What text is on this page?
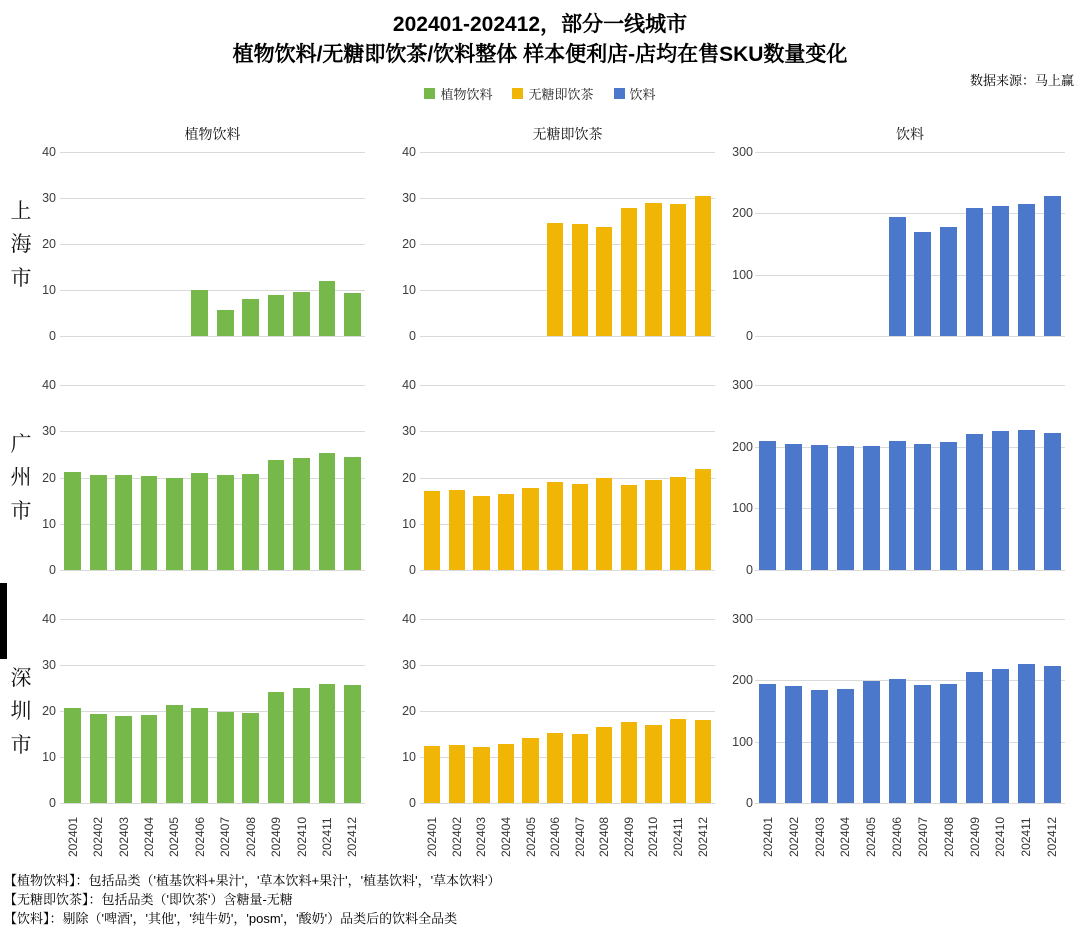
202401-202412，部分一线城市
植物饮料/无糖即饮茶/饮料整体 样本便利店-店均在售SKU数量变化
数据来源：马上赢
植物饮料	无糖即饮茶	饮料
植物饮料	无糖即饮茶	饮料
上海市
广州市
深圳市
40
30
20
10
0
40
30
20
10
0
300
200
100
0
40
30
20
10
0
40
30
20
10
0
300
200
100
0
40
30
20
10
0
40
30
20
10
0
300
200
100
0
202401 202402 202403 202404 202405 202406 202407 202408 202409 202410 202411 202412	202401 202402 202403 202404 202405 202406 202407 202408 202409 202410 202411 202412	202401 202402 202403 202404 202405 202406 202407 202408 202409 202410 202411 202412
【植物饮料】：包括品类（'植基饮料+果汁'，'草本饮料+果汁'，'植基饮料'，'草本饮料'）
【无糖即饮茶】：包括品类（'即饮茶'）含糖量-无糖
【饮料】：剔除（'啤酒'，'其他'，'纯牛奶'，'posm'，'酸奶'）品类后的饮料全品类
